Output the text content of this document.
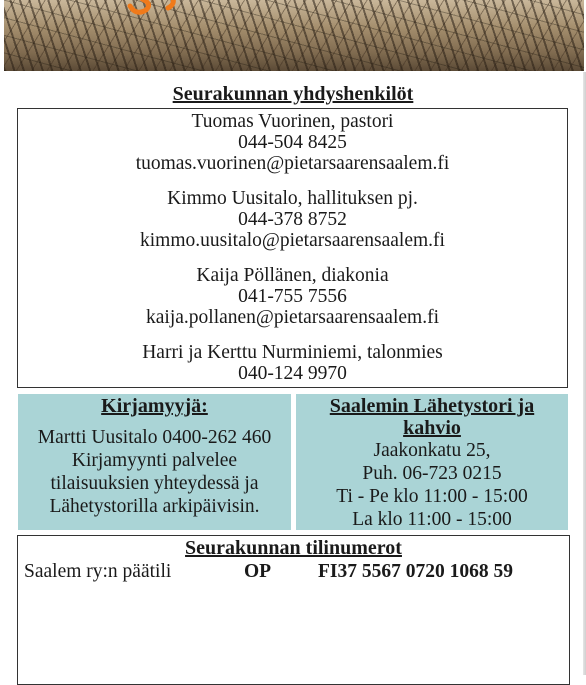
Seurakunnan yhdyshenkilöt
Tuomas Vuorinen, pastori
044-504 8425
tuomas.vuorinen@pietarsaarensaalem.fi
Kimmo Uusitalo, hallituksen pj.
044-378 8752
kimmo.uusitalo@pietarsaarensaalem.fi
Kaija Pöllänen, diakonia
041-755 7556
kaija.pollanen@pietarsaarensaalem.fi
Harri ja Kerttu Nurminiemi, talonmies
040-124 9970
Kirjamyyjä:
Martti Uusitalo 0400-262 460
Kirjamyynti palvelee
tilaisuuksien yhteydessä ja
Lähetystorilla arkipäivisin.
Saalemin Lähetystori ja kahvio
Jaakonkatu 25,
Puh. 06-723 0215
Ti - Pe klo 11:00 - 15:00
La klo 11:00 - 15:00
Seurakunnan tilinumerot
Saalem ry:n päätili	OP FI37 5567 0720 1068 59
